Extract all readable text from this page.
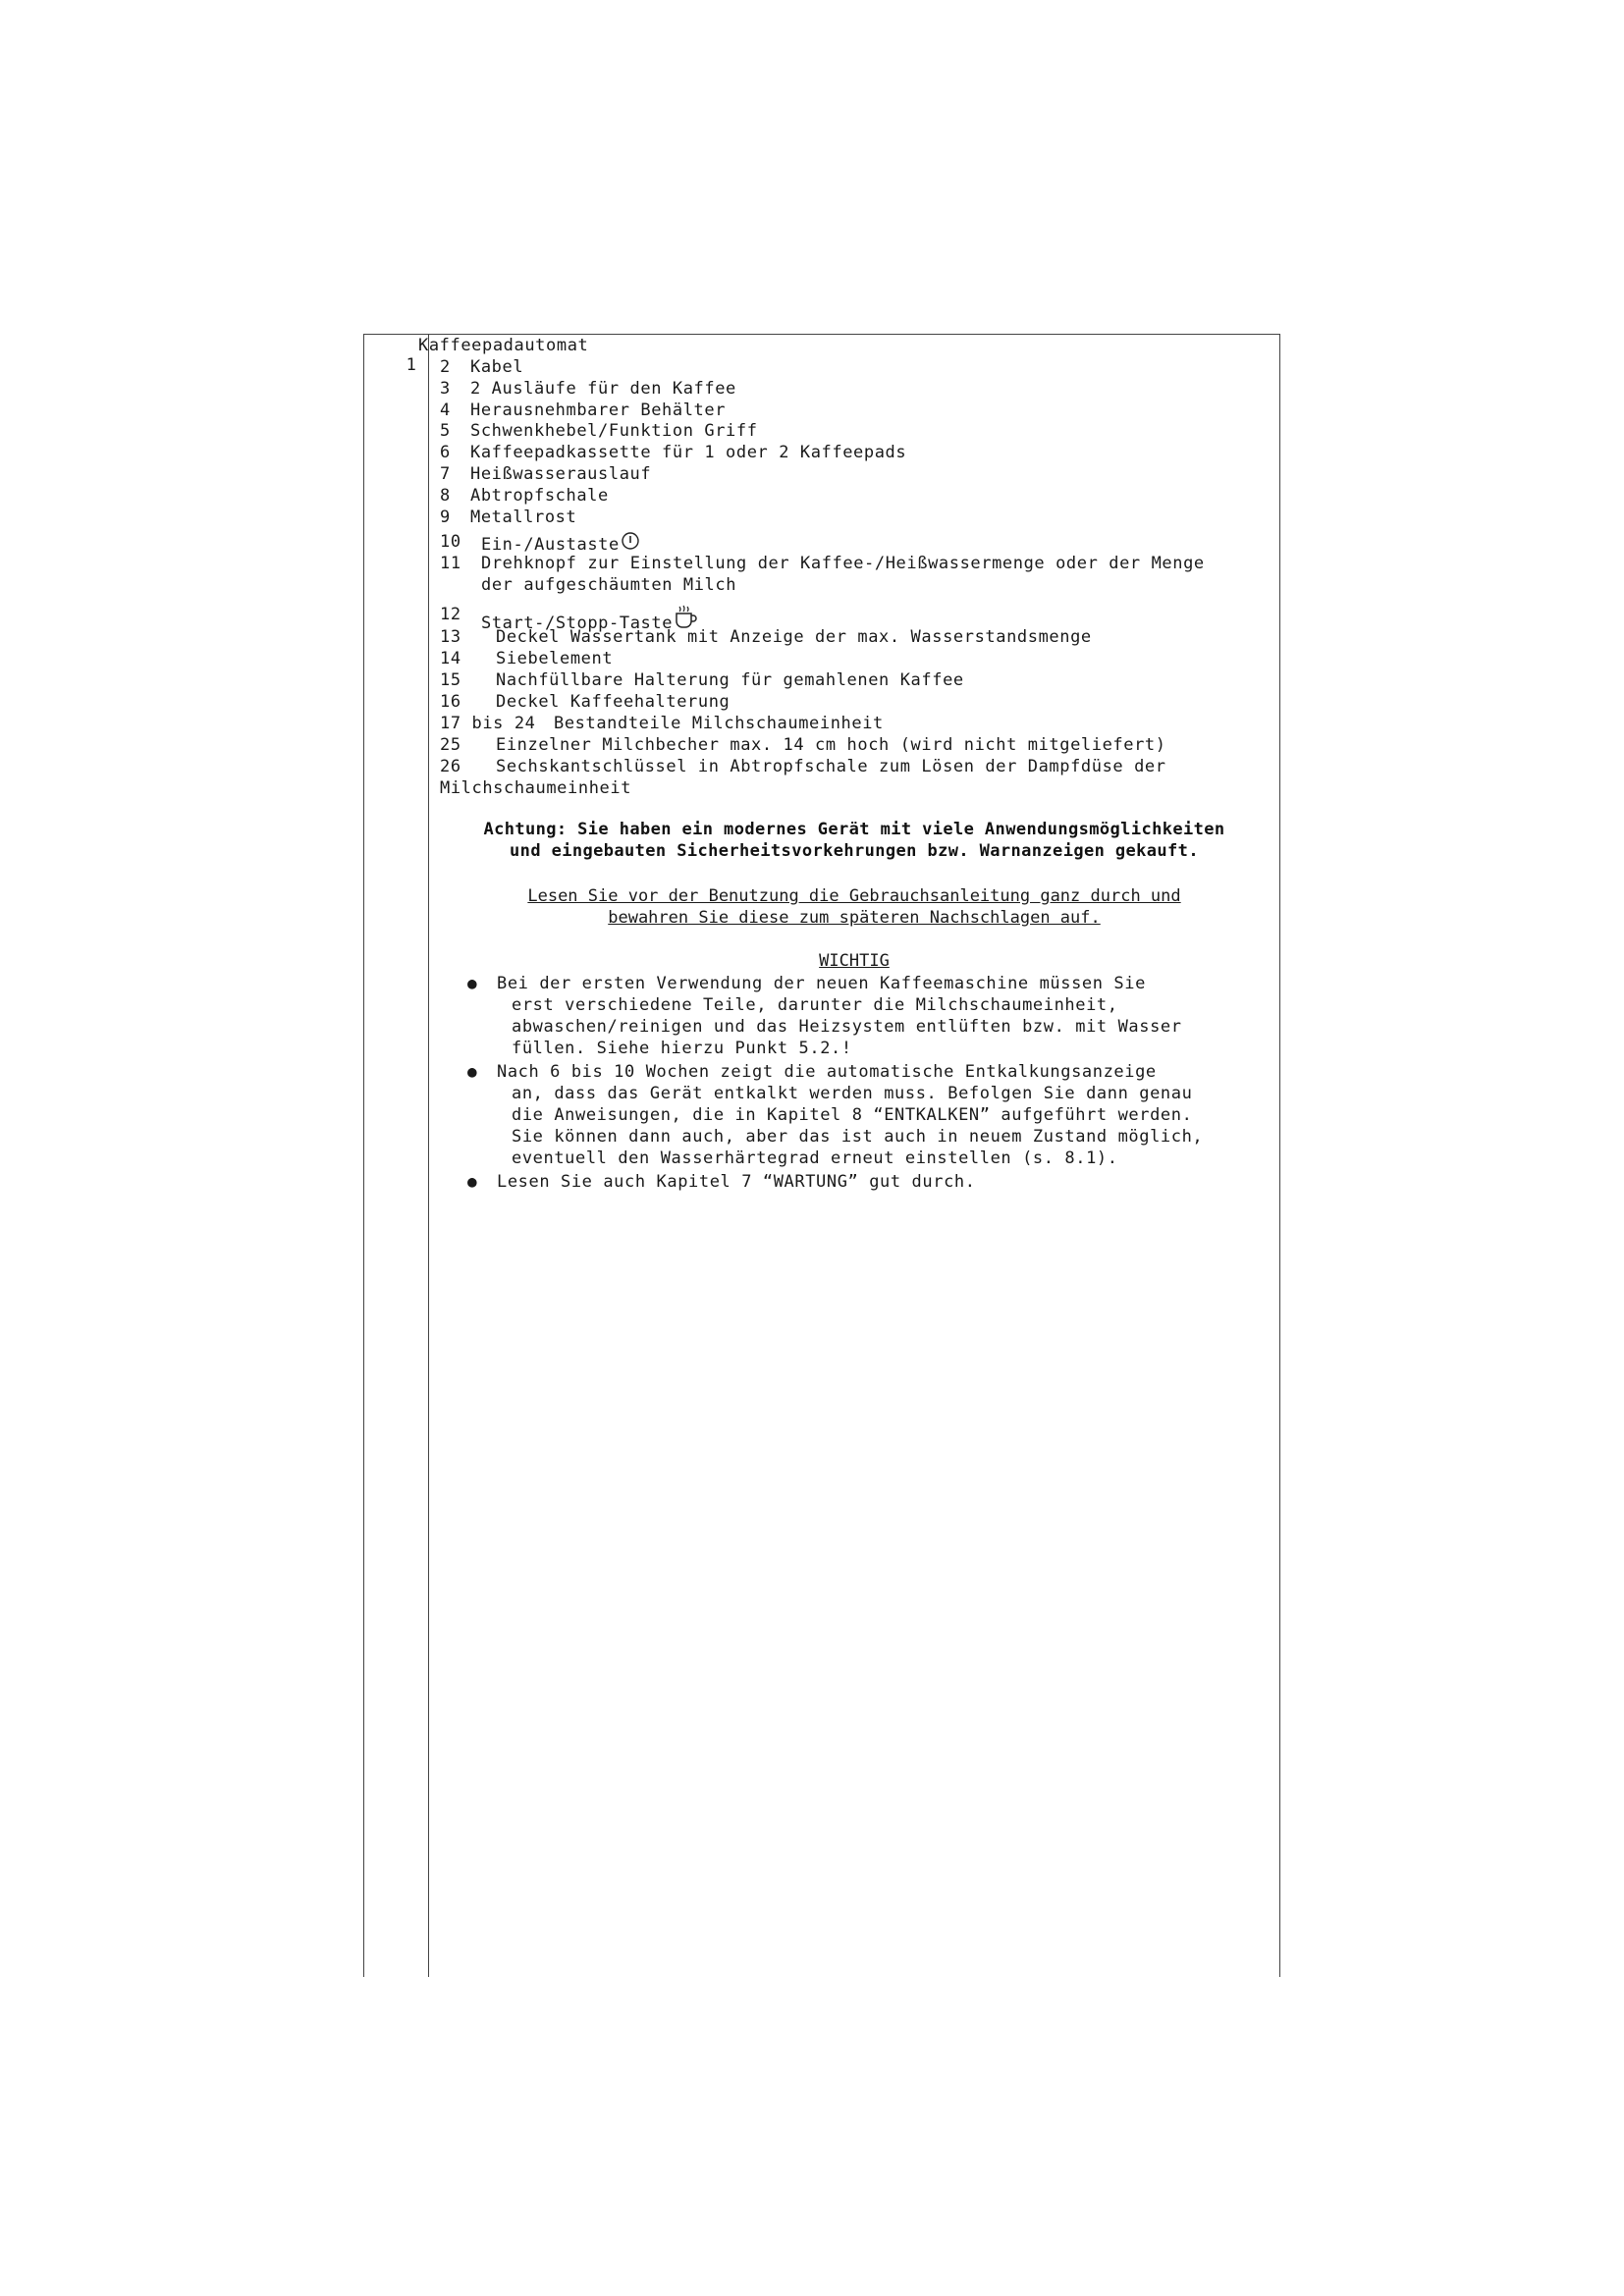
1

Kaffeepadautomat
2 Kabel
3 2 Ausläufe für den Kaffee
4 Herausnehmbarer Behälter
5 Schwenkhebel/Funktion Griff
6 Kaffeepadkassette für 1 oder 2 Kaffeepads
7 Heißwasserauslauf
8 Abtropfschale
9 Metallrost
10 Ein-/Austaste
11 Drehknopf zur Einstellung der Kaffee-/Heißwassermenge oder der Menge
der aufgeschäumten Milch
12 Start-/Stopp-Taste
13 Deckel Wassertank mit Anzeige der max. Wasserstandsmenge
14 Siebelement
15 Nachfüllbare Halterung für gemahlenen Kaffee
16 Deckel Kaffeehalterung
17 bis 24 Bestandteile Milchschaumeinheit
25 Einzelner Milchbecher max. 14 cm hoch (wird nicht mitgeliefert)
26 Sechskantschlüssel in Abtropfschale zum Lösen der Dampfdüse der
Milchschaumeinheit
Achtung: Sie haben ein modernes Gerät mit viele Anwendungsmöglichkeiten
und eingebauten Sicherheitsvorkehrungen bzw. Warnanzeigen gekauft.
Lesen Sie vor der Benutzung die Gebrauchsanleitung ganz durch und
bewahren Sie diese zum späteren Nachschlagen auf.
WICHTIG
● Bei der ersten Verwendung der neuen Kaffeemaschine müssen Sie
erst verschiedene Teile, darunter die Milchschaumeinheit,
abwaschen/reinigen und das Heizsystem entlüften bzw. mit Wasser
füllen. Siehe hierzu Punkt 5.2.!
● Nach 6 bis 10 Wochen zeigt die automatische Entkalkungsanzeige
an, dass das Gerät entkalkt werden muss. Befolgen Sie dann genau
die Anweisungen, die in Kapitel 8 “ENTKALKEN” aufgeführt werden.
Sie können dann auch, aber das ist auch in neuem Zustand möglich,
eventuell den Wasserhärtegrad erneut einstellen (s. 8.1).
● Lesen Sie auch Kapitel 7 “WARTUNG” gut durch.
